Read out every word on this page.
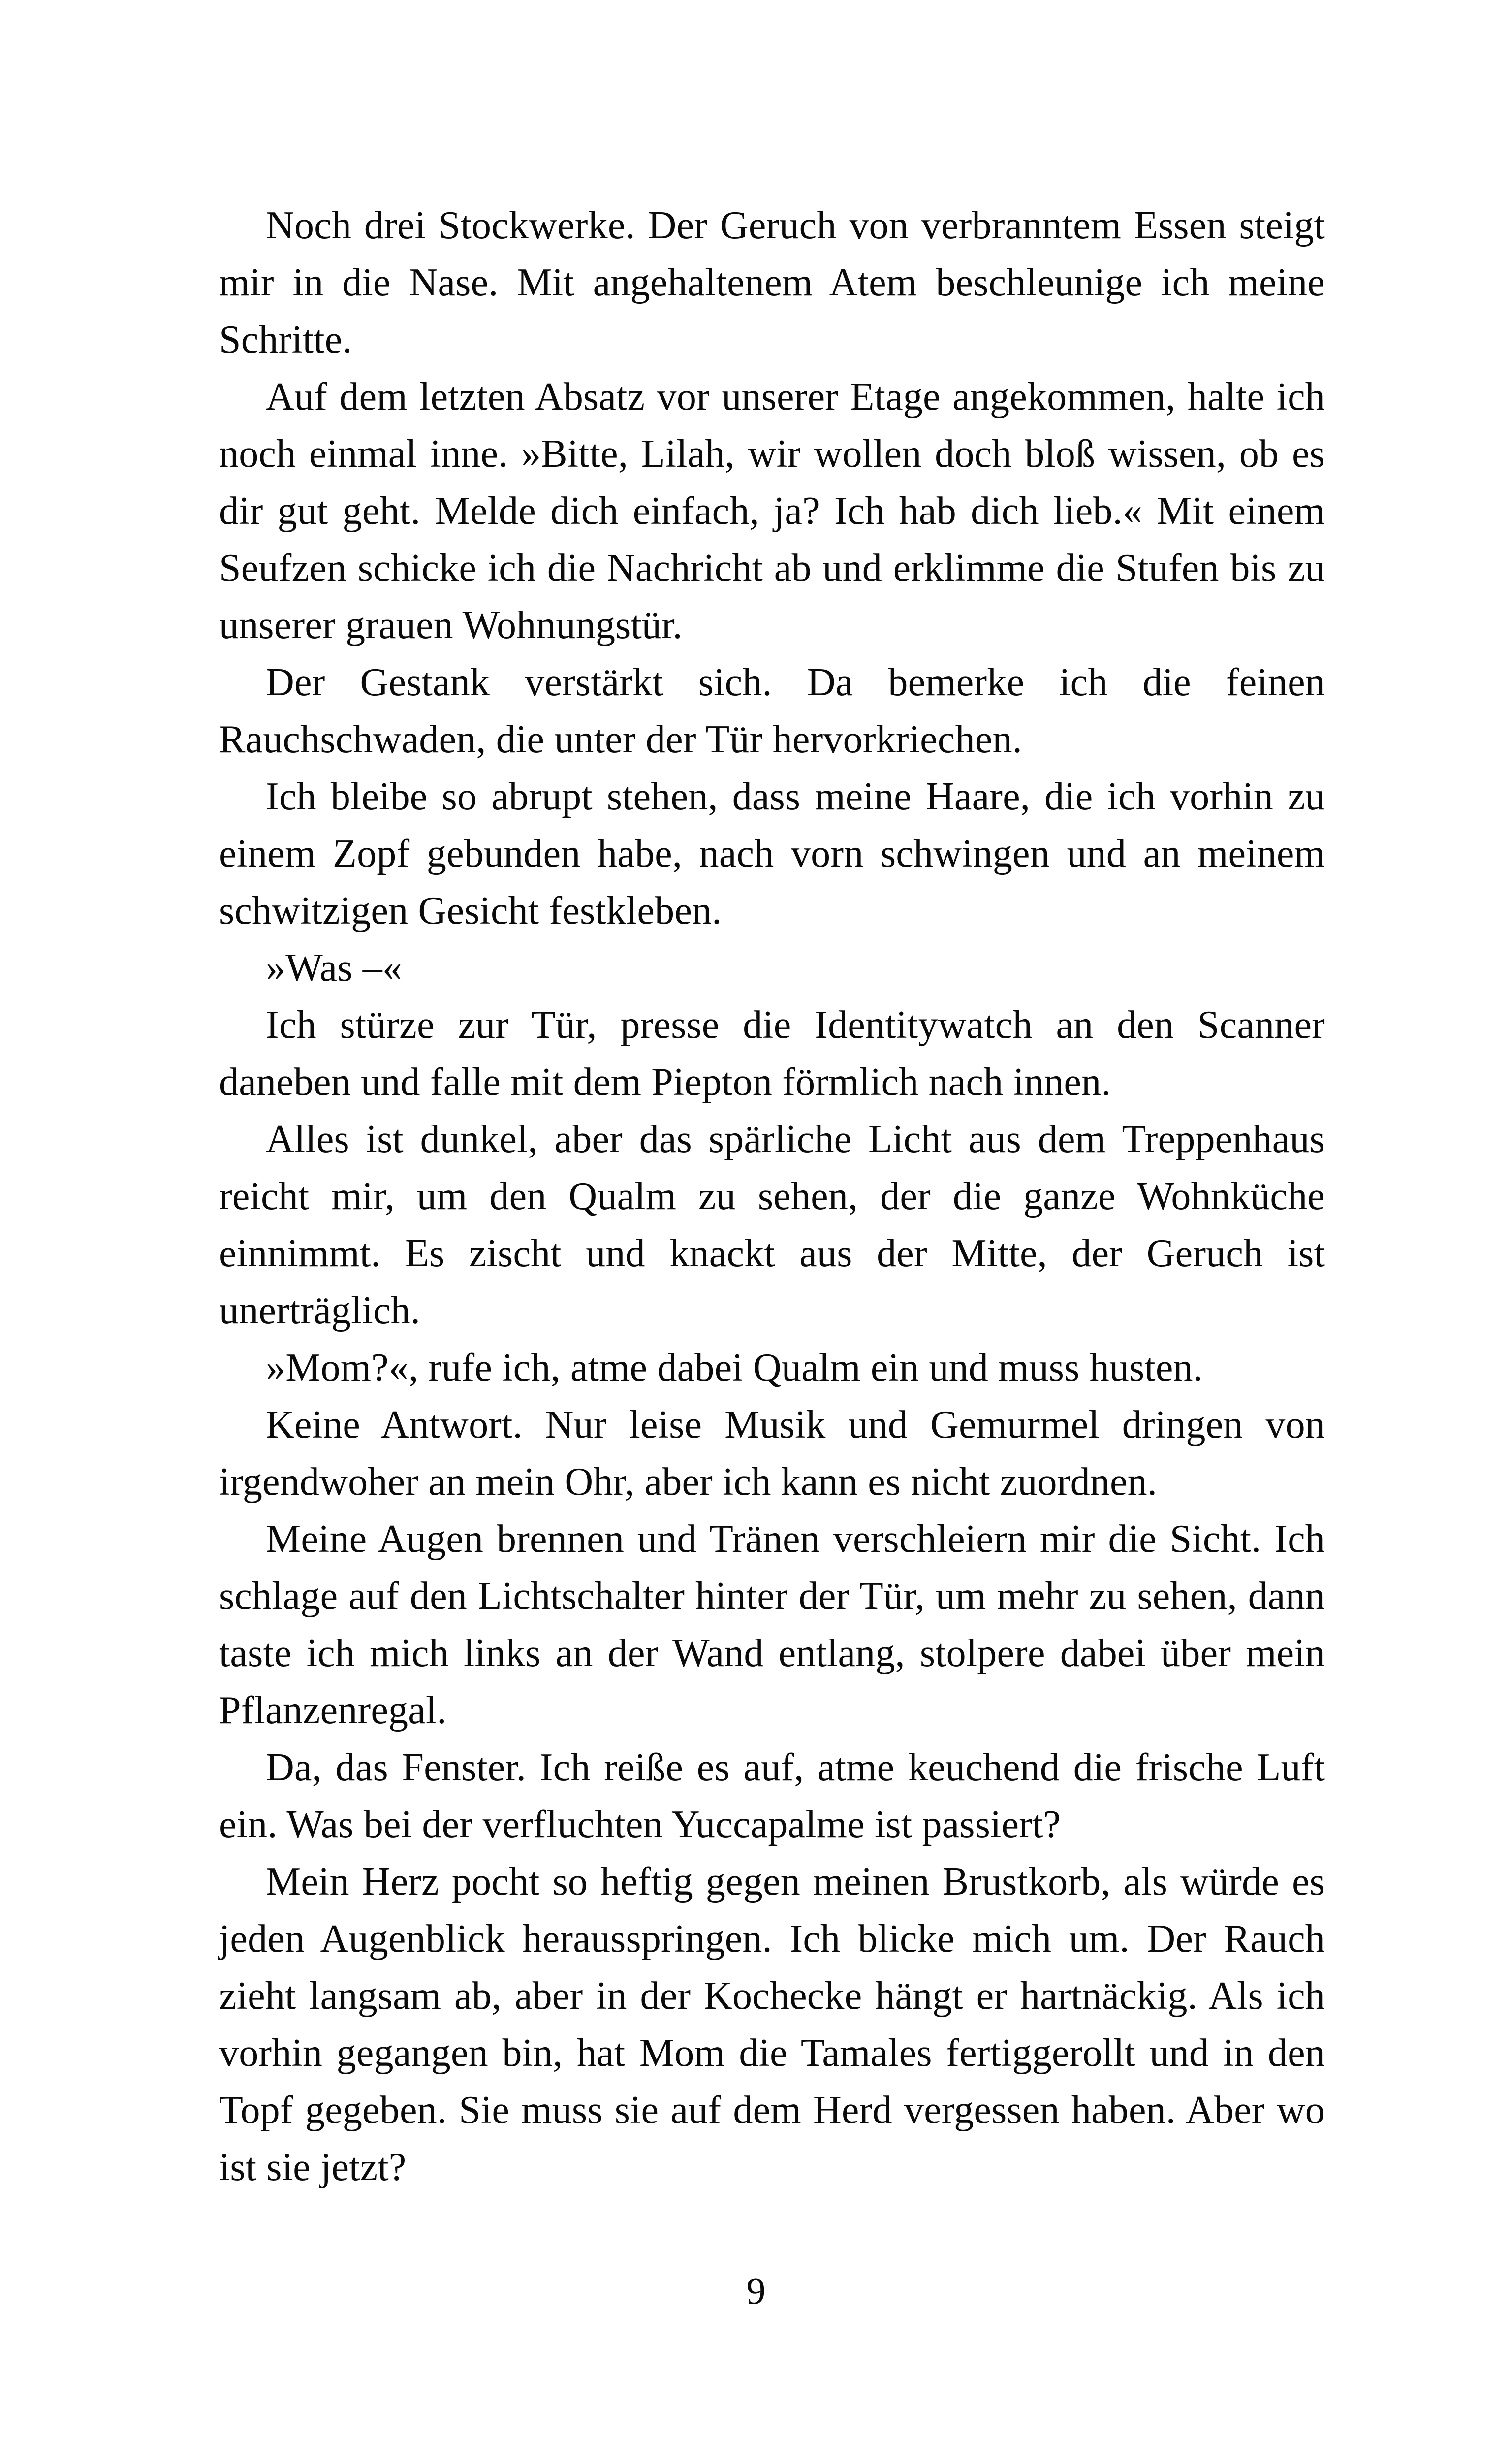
Noch drei Stockwerke. Der Geruch von verbranntem Essen steigt mir in die Nase. Mit angehaltenem Atem beschleunige ich meine Schritte.

Auf dem letzten Absatz vor unserer Etage angekommen, halte ich noch einmal inne. »Bitte, Lilah, wir wollen doch bloß wissen, ob es dir gut geht. Melde dich einfach, ja? Ich hab dich lieb.« Mit einem Seufzen schicke ich die Nachricht ab und erklimme die Stufen bis zu unserer grauen Wohnungstür.

Der Gestank verstärkt sich. Da bemerke ich die feinen Rauchschwaden, die unter der Tür hervorkriechen.

Ich bleibe so abrupt stehen, dass meine Haare, die ich vorhin zu einem Zopf gebunden habe, nach vorn schwingen und an meinem schwitzigen Gesicht festkleben.

»Was –«

Ich stürze zur Tür, presse die Identitywatch an den Scanner daneben und falle mit dem Piepton förmlich nach innen.

Alles ist dunkel, aber das spärliche Licht aus dem Treppenhaus reicht mir, um den Qualm zu sehen, der die ganze Wohnküche einnimmt. Es zischt und knackt aus der Mitte, der Geruch ist unerträglich.

»Mom?«, rufe ich, atme dabei Qualm ein und muss husten.

Keine Antwort. Nur leise Musik und Gemurmel dringen von irgendwoher an mein Ohr, aber ich kann es nicht zuordnen.

Meine Augen brennen und Tränen verschleiern mir die Sicht. Ich schlage auf den Lichtschalter hinter der Tür, um mehr zu sehen, dann taste ich mich links an der Wand entlang, stolpere dabei über mein Pflanzenregal.

Da, das Fenster. Ich reiße es auf, atme keuchend die frische Luft ein. Was bei der verfluchten Yuccapalme ist passiert?

Mein Herz pocht so heftig gegen meinen Brustkorb, als würde es jeden Augenblick herausspringen. Ich blicke mich um. Der Rauch zieht langsam ab, aber in der Kochecke hängt er hartnäckig. Als ich vorhin gegangen bin, hat Mom die Tamales fertiggerollt und in den Topf gegeben. Sie muss sie auf dem Herd vergessen haben. Aber wo ist sie jetzt?

9
